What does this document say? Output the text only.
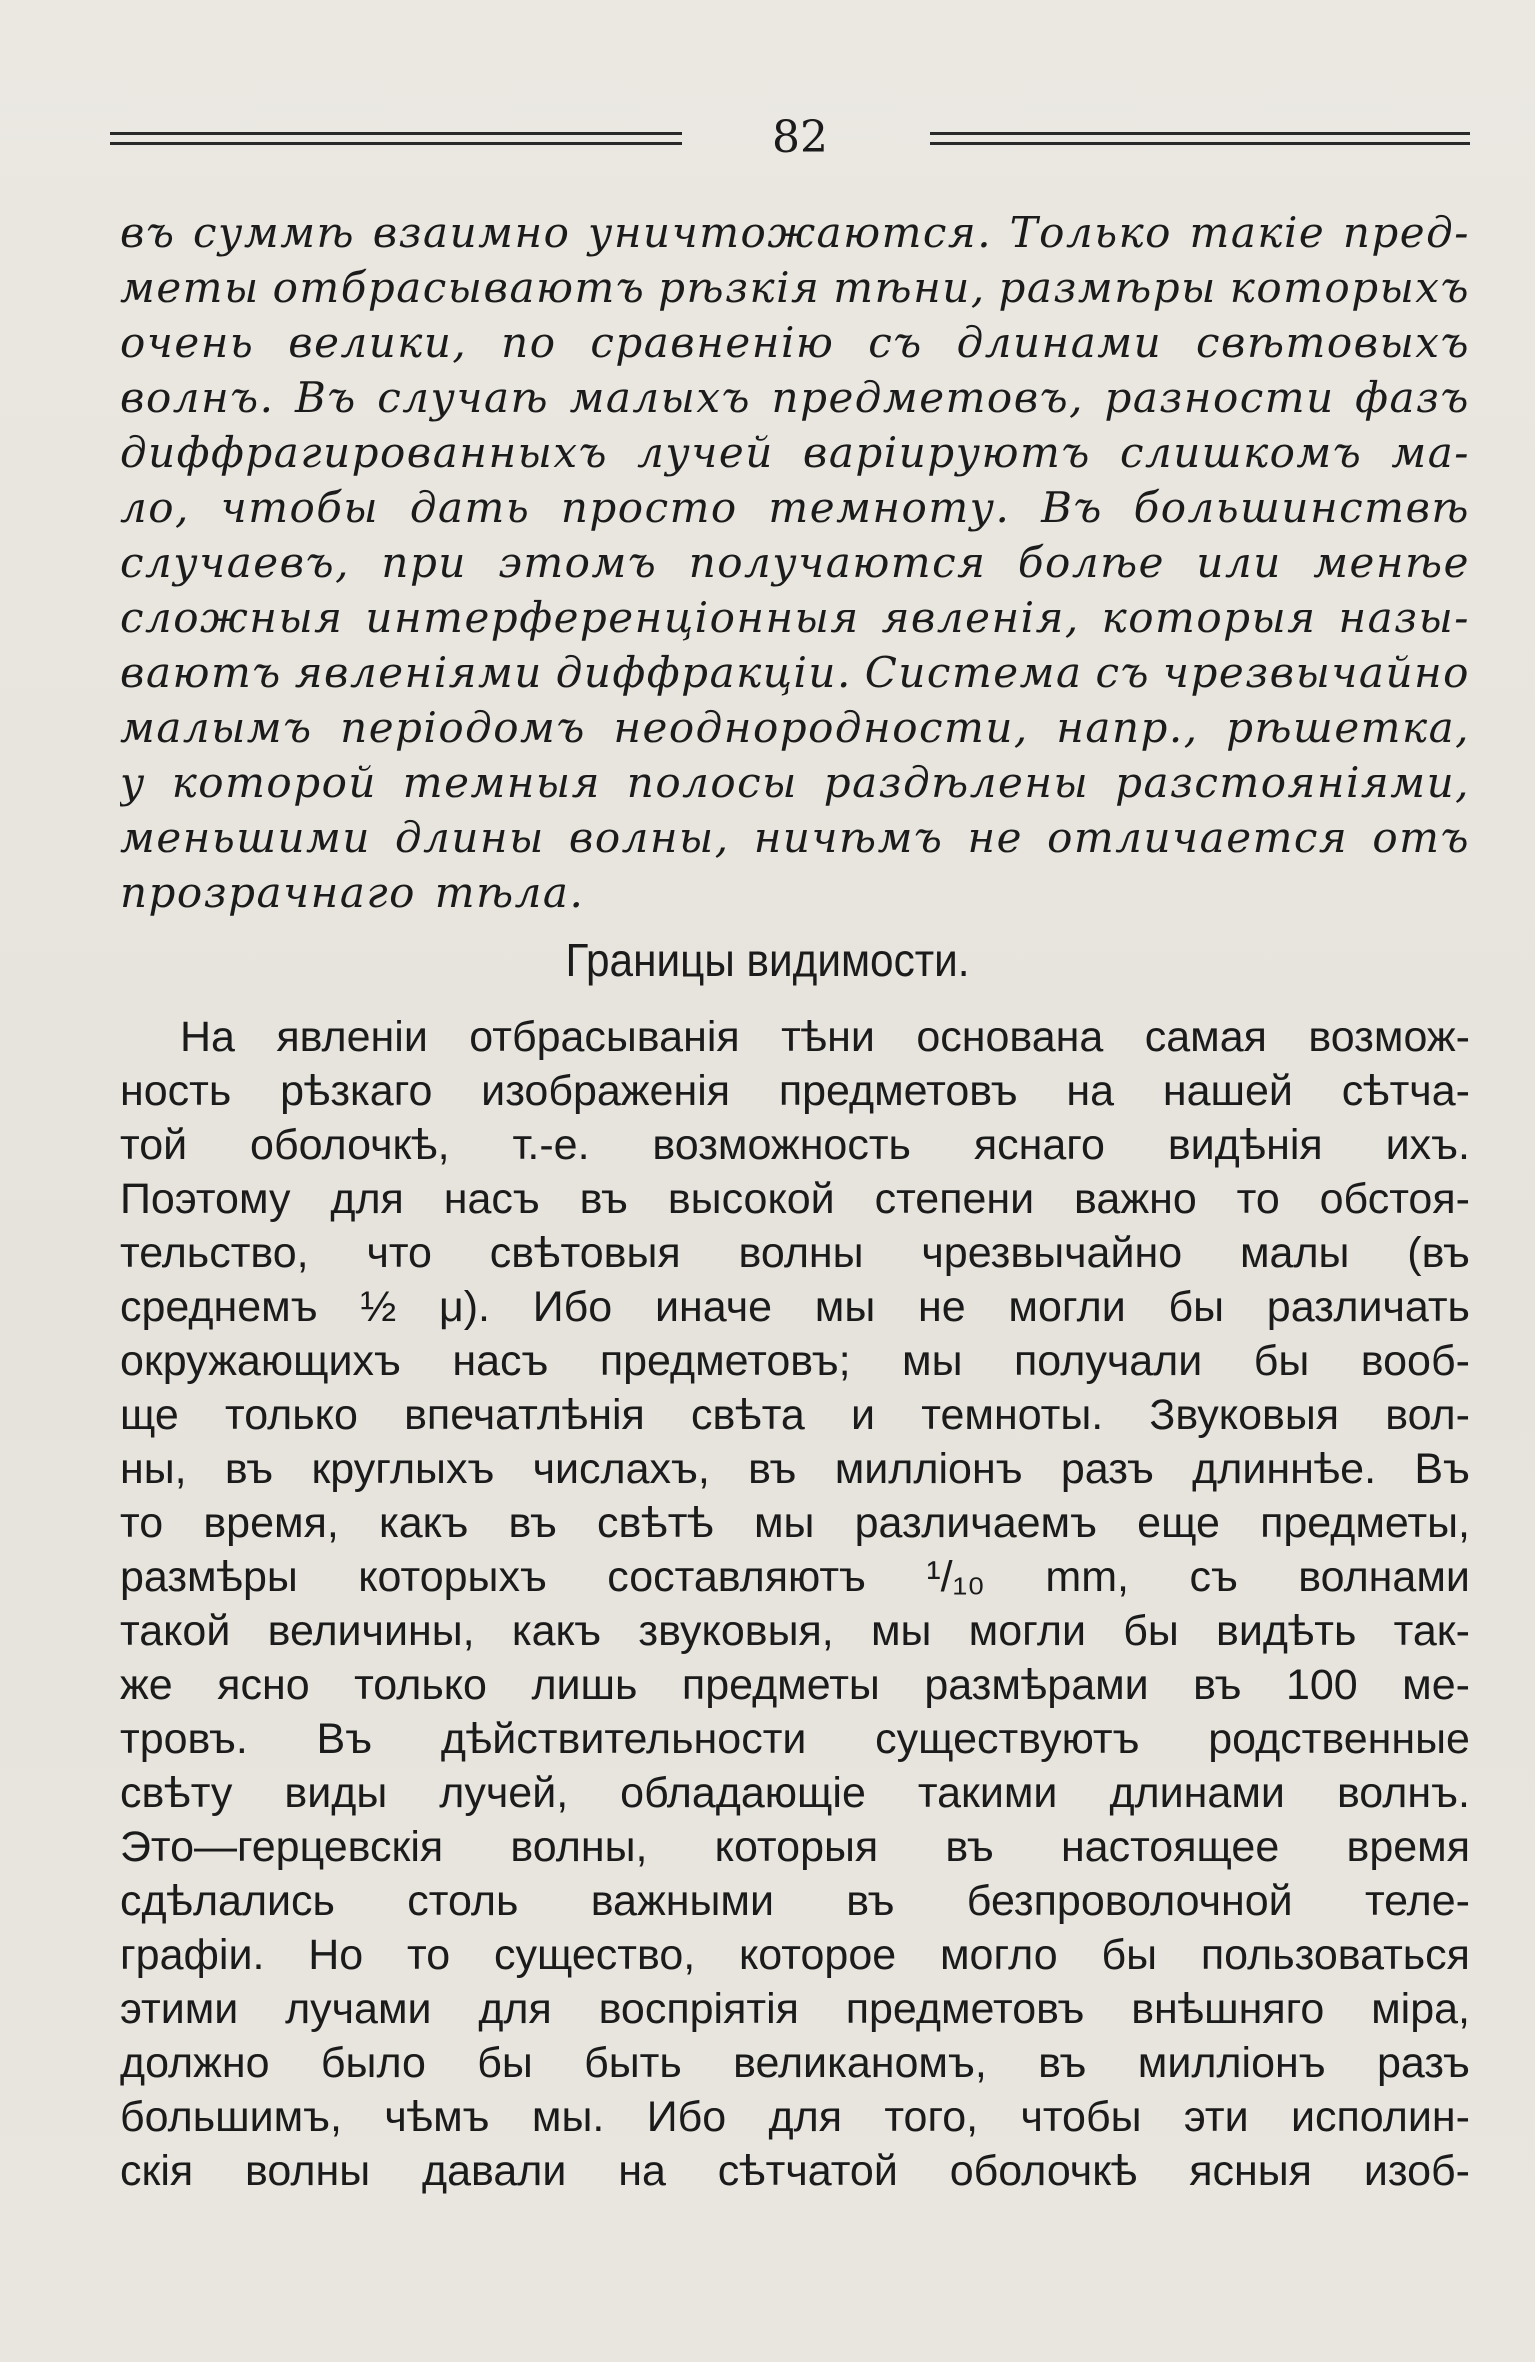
82
въ суммѣ взаимно уничтожаются. Только такіе пред-
меты отбрасываютъ рѣзкія тѣни, размѣры которыхъ
очень велики, по сравненію съ длинами свѣтовыхъ
волнъ. Въ случаѣ малыхъ предметовъ, разности фазъ
диффрагированныхъ лучей варіируютъ слишкомъ ма-
ло, чтобы дать просто темноту. Въ большинствѣ
случаевъ, при этомъ получаются болѣе или менѣе
сложныя интерференціонныя явленія, которыя назы-
ваютъ явленіями диффракціи. Система съ чрезвычайно
малымъ періодомъ неоднородности, напр., рѣшетка,
у которой темныя полосы раздѣлены разстояніями,
меньшими длины волны, ничѣмъ не отличается отъ
прозрачнаго тѣла.
Границы видимости.
На явленіи отбрасыванія тѣни основана самая возмож-
ность рѣзкаго изображенія предметовъ на нашей сѣтча-
той оболочкѣ, т.-е. возможность яснаго видѣнія ихъ.
Поэтому для насъ въ высокой степени важно то обстоя-
тельство, что свѣтовыя волны чрезвычайно малы (въ
среднемъ ½ μ). Ибо иначе мы не могли бы различать
окружающихъ насъ предметовъ; мы получали бы вооб-
ще только впечатлѣнія свѣта и темноты. Звуковыя вол-
ны, въ круглыхъ числахъ, въ милліонъ разъ длиннѣе. Въ
то время, какъ въ свѣтѣ мы различаемъ еще предметы,
размѣры которыхъ составляютъ ¹/₁₀ mm, съ волнами
такой величины, какъ звуковыя, мы могли бы видѣть так-
же ясно только лишь предметы размѣрами въ 100 ме-
тровъ. Въ дѣйствительности существуютъ родственные
свѣту виды лучей, обладающіе такими длинами волнъ.
Это—герцевскія волны, которыя въ настоящее время
сдѣлались столь важными въ безпроволочной теле-
графіи. Но то существо, которое могло бы пользоваться
этими лучами для воспріятія предметовъ внѣшняго міра,
должно было бы быть великаномъ, въ милліонъ разъ
большимъ, чѣмъ мы. Ибо для того, чтобы эти исполин-
скія волны давали на сѣтчатой оболочкѣ ясныя изоб-
